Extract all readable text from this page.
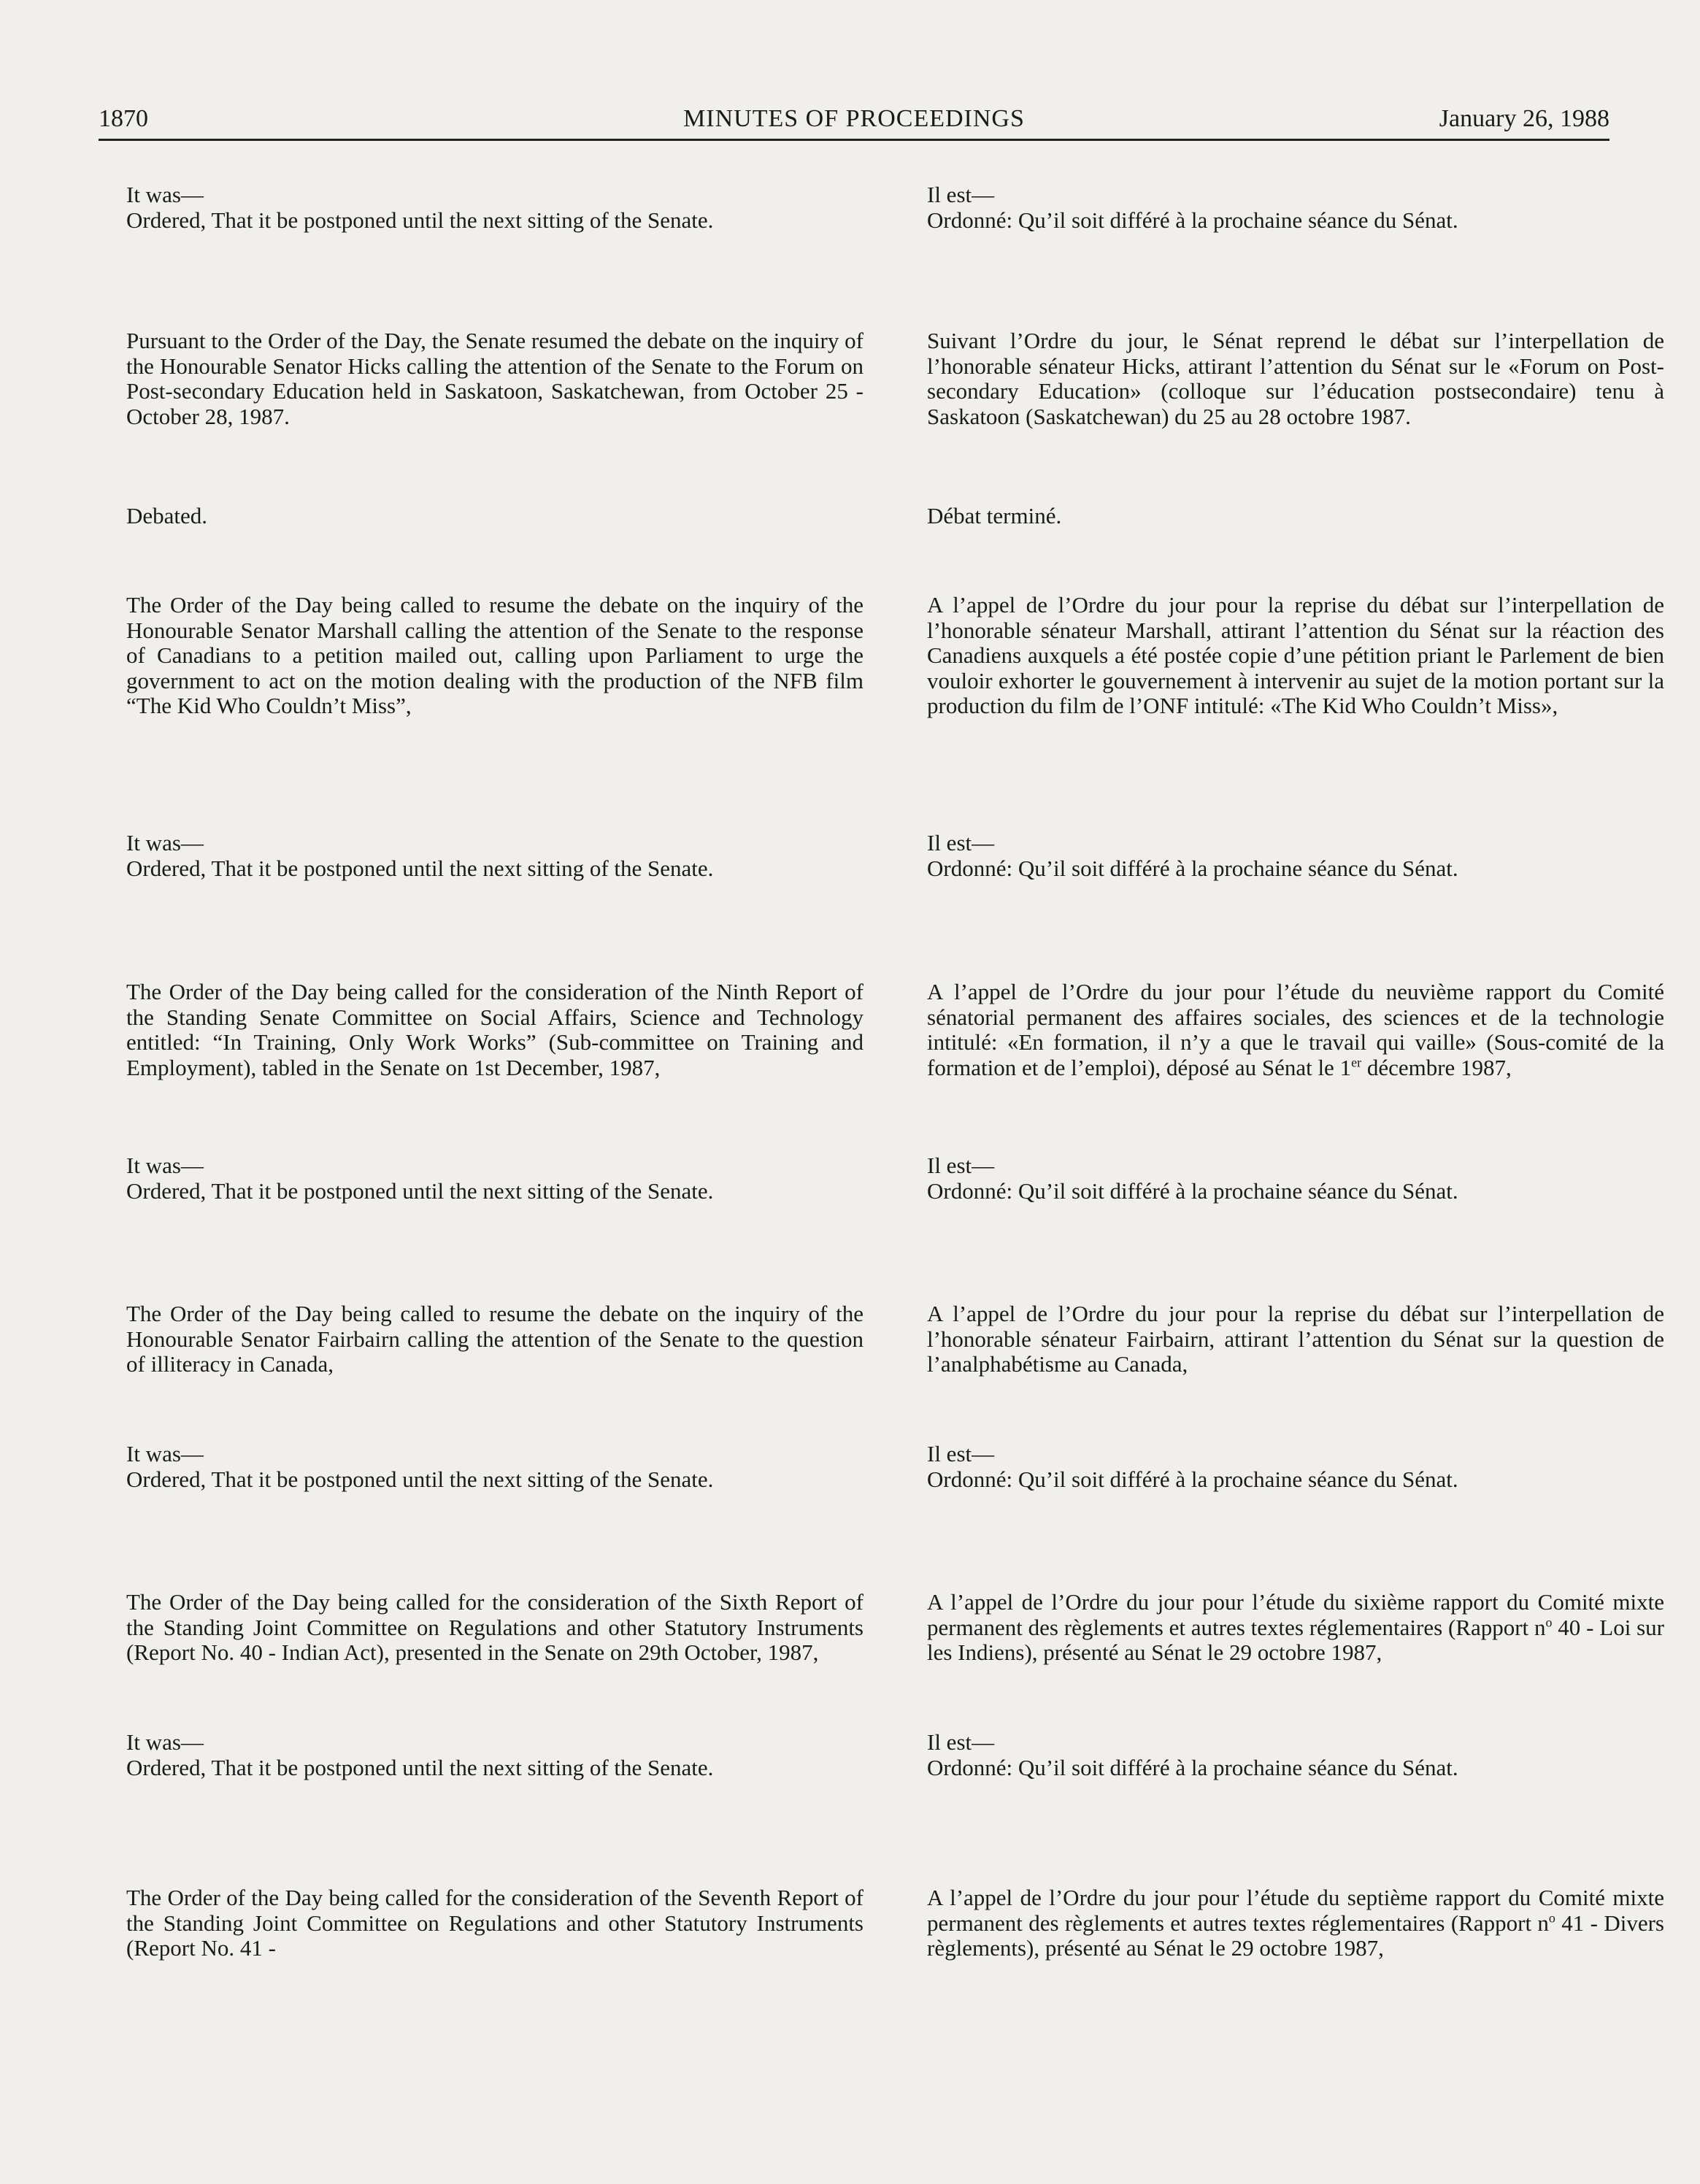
1870	MINUTES OF PROCEEDINGS	January 26, 1988

It was—

Ordered, That it be postponed until the next sitting of the Senate.

Pursuant to the Order of the Day, the Senate resumed the debate on the inquiry of the Honourable Senator Hicks calling the attention of the Senate to the Forum on Post-secondary Education held in Saskatoon, Saskatchewan, from October 25 - October 28, 1987.

Debated.

The Order of the Day being called to resume the debate on the inquiry of the Honourable Senator Marshall calling the attention of the Senate to the response of Canadians to a petition mailed out, calling upon Parliament to urge the government to act on the motion dealing with the production of the NFB film “The Kid Who Couldn’t Miss”,

It was—

Ordered, That it be postponed until the next sitting of the Senate.

The Order of the Day being called for the consideration of the Ninth Report of the Standing Senate Committee on Social Affairs, Science and Technology entitled: “In Training, Only Work Works” (Sub-committee on Training and Employment), tabled in the Senate on 1st December, 1987,

It was—

Ordered, That it be postponed until the next sitting of the Senate.

The Order of the Day being called to resume the debate on the inquiry of the Honourable Senator Fairbairn calling the attention of the Senate to the question of illiteracy in Canada,

It was—

Ordered, That it be postponed until the next sitting of the Senate.

The Order of the Day being called for the consideration of the Sixth Report of the Standing Joint Committee on Regulations and other Statutory Instruments (Report No. 40 - Indian Act), presented in the Senate on 29th October, 1987,

It was—

Ordered, That it be postponed until the next sitting of the Senate.

The Order of the Day being called for the consideration of the Seventh Report of the Standing Joint Committee on Regulations and other Statutory Instruments (Report No. 41 -

Il est—

Ordonné: Qu’il soit différé à la prochaine séance du Sénat.

Suivant l’Ordre du jour, le Sénat reprend le débat sur l’interpellation de l’honorable sénateur Hicks, attirant l’attention du Sénat sur le «Forum on Post-secondary Education» (colloque sur l’éducation postsecondaire) tenu à Saskatoon (Saskatchewan) du 25 au 28 octobre 1987.

Débat terminé.

A l’appel de l’Ordre du jour pour la reprise du débat sur l’interpellation de l’honorable sénateur Marshall, attirant l’attention du Sénat sur la réaction des Canadiens auxquels a été postée copie d’une pétition priant le Parlement de bien vouloir exhorter le gouvernement à intervenir au sujet de la motion portant sur la production du film de l’ONF intitulé: «The Kid Who Couldn’t Miss»,

Il est—

Ordonné: Qu’il soit différé à la prochaine séance du Sénat.

A l’appel de l’Ordre du jour pour l’étude du neuvième rapport du Comité sénatorial permanent des affaires sociales, des sciences et de la technologie intitulé: «En formation, il n’y a que le travail qui vaille» (Sous-comité de la formation et de l’emploi), déposé au Sénat le 1er décembre 1987,

Il est—

Ordonné: Qu’il soit différé à la prochaine séance du Sénat.

A l’appel de l’Ordre du jour pour la reprise du débat sur l’interpellation de l’honorable sénateur Fairbairn, attirant l’attention du Sénat sur la question de l’analphabétisme au Canada,

Il est—

Ordonné: Qu’il soit différé à la prochaine séance du Sénat.

A l’appel de l’Ordre du jour pour l’étude du sixième rapport du Comité mixte permanent des règlements et autres textes réglementaires (Rapport $n^o$ 40 - Loi sur les Indiens), présenté au Sénat le 29 octobre 1987,

Il est—

Ordonné: Qu’il soit différé à la prochaine séance du Sénat.

A l’appel de l’Ordre du jour pour l’étude du septième rapport du Comité mixte permanent des règlements et autres textes réglementaires (Rapport $n^o$ 41 - Divers règlements), présenté au Sénat le 29 octobre 1987,
